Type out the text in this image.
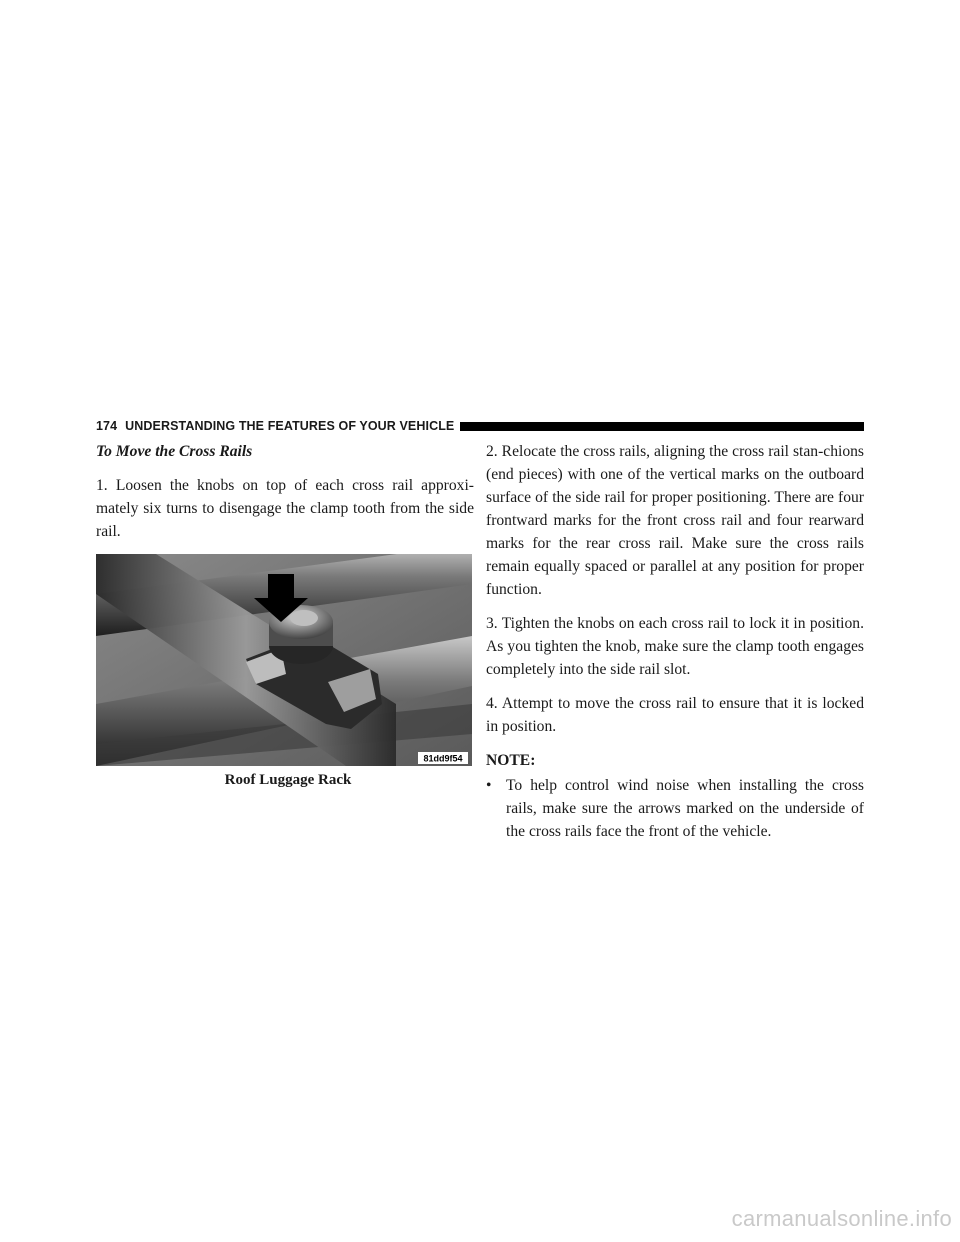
174 UNDERSTANDING THE FEATURES OF YOUR VEHICLE

To Move the Cross Rails

1. Loosen the knobs on top of each cross rail approxi-mately six turns to disengage the clamp tooth from the side rail.

81dd9f54
Roof Luggage Rack

2. Relocate the cross rails, aligning the cross rail stan-chions (end pieces) with one of the vertical marks on the outboard surface of the side rail for proper positioning. There are four frontward marks for the front cross rail and four rearward marks for the rear cross rail. Make sure the cross rails remain equally spaced or parallel at any position for proper function.

3. Tighten the knobs on each cross rail to lock it in position. As you tighten the knob, make sure the clamp tooth engages completely into the side rail slot.

4. Attempt to move the cross rail to ensure that it is locked in position.

NOTE:
• To help control wind noise when installing the cross rails, make sure the arrows marked on the underside of the cross rails face the front of the vehicle.
carmanualsonline.info
